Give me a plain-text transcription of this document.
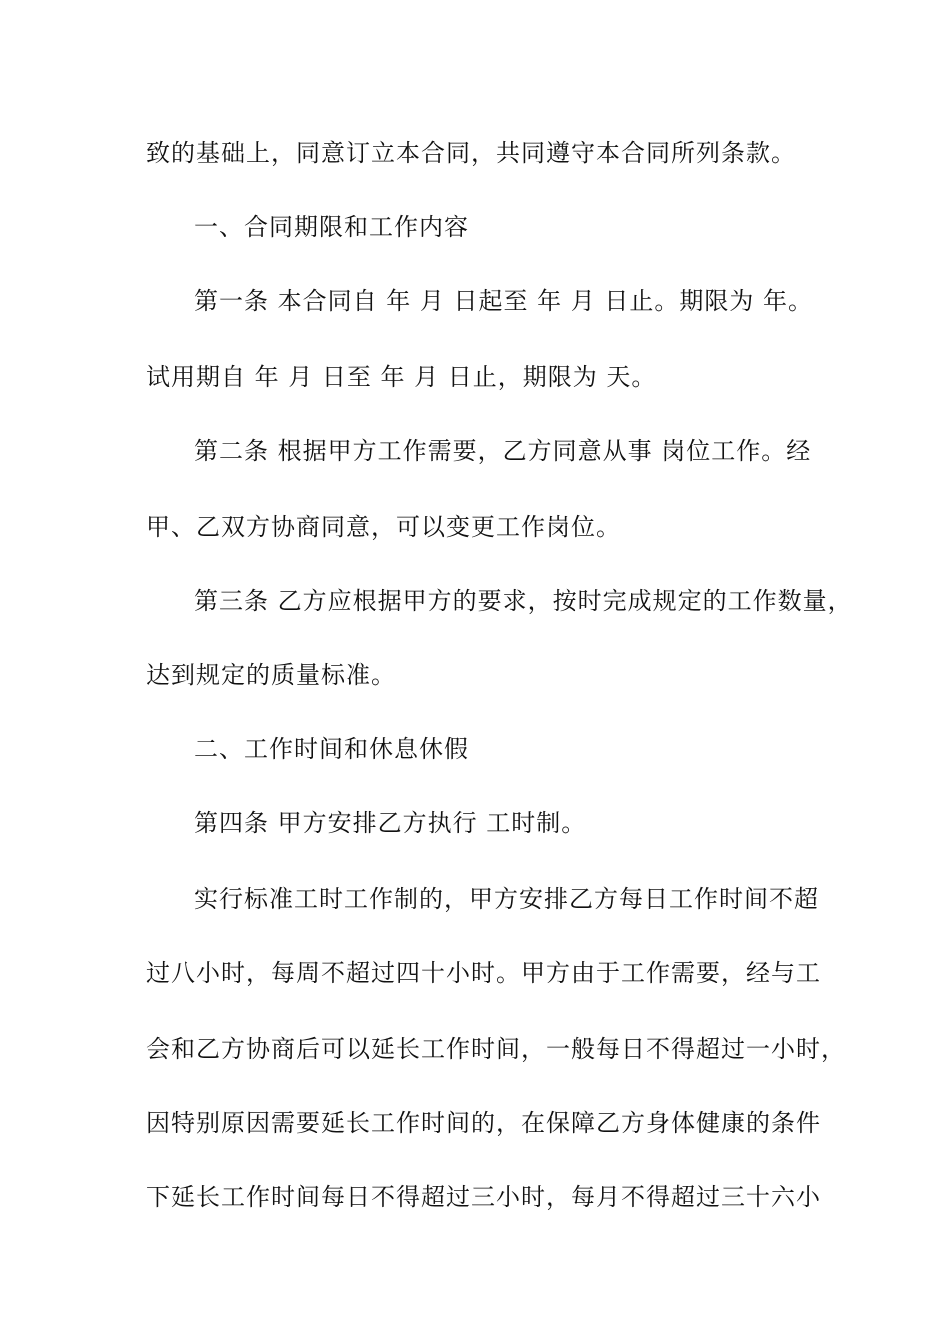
致的基础上，同意订立本合同，共同遵守本合同所列条款。
一、合同期限和工作内容
第一条 本合同自 年 月 日起至 年 月 日止。期限为 年。
试用期自 年 月 日至 年 月 日止，期限为 天。
第二条 根据甲方工作需要，乙方同意从事 岗位工作。经
甲、乙双方协商同意，可以变更工作岗位。
第三条 乙方应根据甲方的要求，按时完成规定的工作数量，
达到规定的质量标准。
二、工作时间和休息休假
第四条 甲方安排乙方执行 工时制。
实行标准工时工作制的，甲方安排乙方每日工作时间不超
过八小时，每周不超过四十小时。甲方由于工作需要，经与工
会和乙方协商后可以延长工作时间，一般每日不得超过一小时，
因特别原因需要延长工作时间的，在保障乙方身体健康的条件
下延长工作时间每日不得超过三小时，每月不得超过三十六小
